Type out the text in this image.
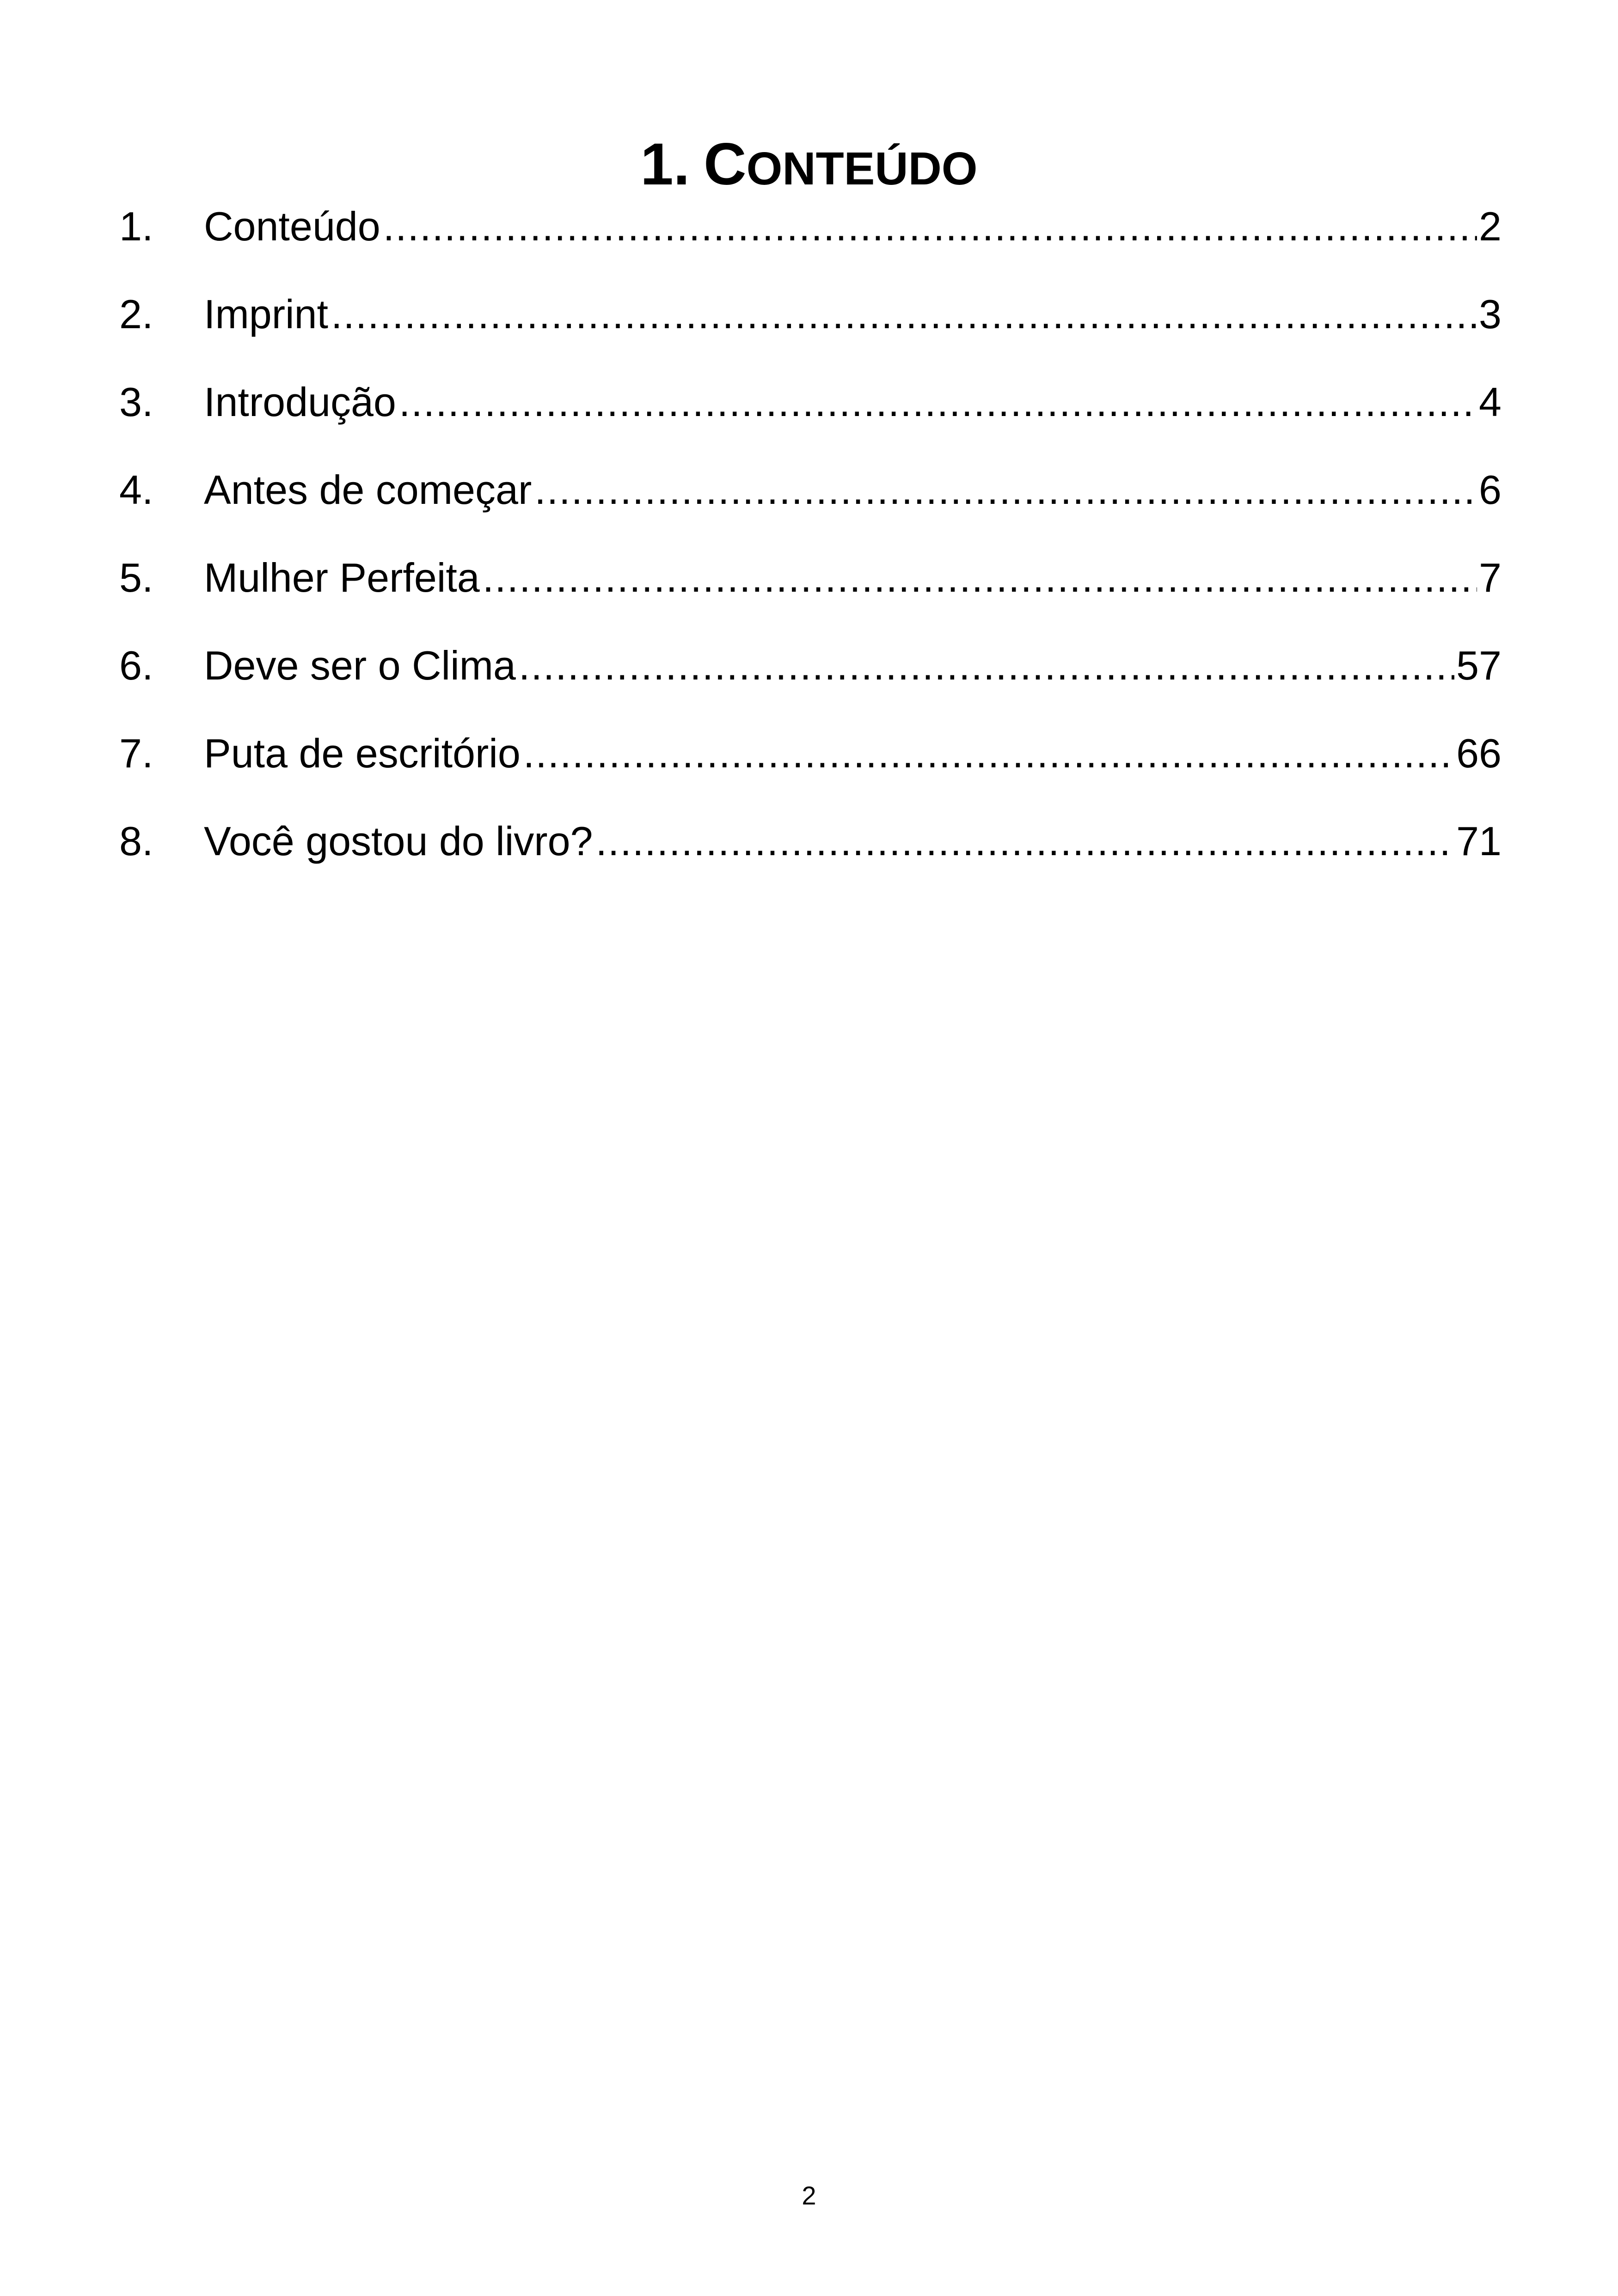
1. CONTEÚDO
1.	Conteúdo .....	2
2.	Imprint .....	3
3.	Introdução .....	4
4.	Antes de começar .....	6
5.	Mulher Perfeita .....	7
6.	Deve ser o Clima .....	57
7.	Puta de escritório .....	66
8.	Você gostou do livro? .....	71
2
